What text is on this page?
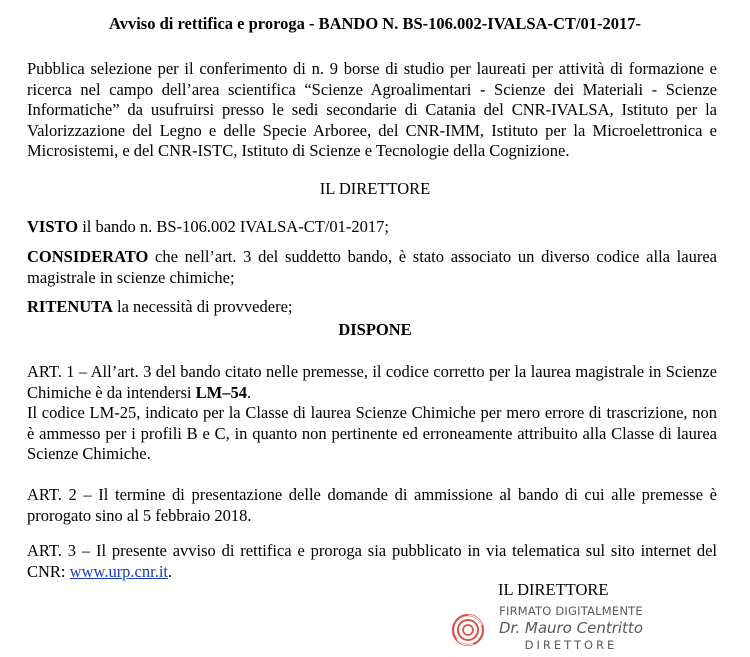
Avviso di rettifica e proroga - BANDO N. BS-106.002-IVALSA-CT/01-2017-
Pubblica selezione per il conferimento di n. 9 borse di studio per laureati per attività di formazione e ricerca nel campo dell’area scientifica “Scienze Agroalimentari - Scienze dei Materiali - Scienze Informatiche” da usufruirsi presso le sedi secondarie di Catania del CNR-IVALSA, Istituto per la Valorizzazione del Legno e delle Specie Arboree, del CNR-IMM, Istituto per la Microelettronica e Microsistemi, e del CNR-ISTC, Istituto di Scienze e Tecnologie della Cognizione.
IL DIRETTORE
VISTO il bando n. BS-106.002 IVALSA-CT/01-2017;
CONSIDERATO che nell’art. 3 del suddetto bando, è stato associato un diverso codice alla laurea magistrale in scienze chimiche;
RITENUTA la necessità di provvedere;
DISPONE
ART. 1 – All’art. 3 del bando citato nelle premesse, il codice corretto per la laurea magistrale in Scienze Chimiche è da intendersi LM–54.
Il codice LM-25, indicato per la Classe di laurea Scienze Chimiche per mero errore di trascrizione, non è ammesso per i profili B e C, in quanto non pertinente ed erroneamente attribuito alla Classe di laurea Scienze Chimiche.
ART. 2 – Il termine di presentazione delle domande di ammissione al bando di cui alle premesse è prorogato sino al 5 febbraio 2018.
ART. 3 – Il presente avviso di rettifica e proroga sia pubblicato in via telematica sul sito internet del CNR: www.urp.cnr.it.
IL DIRETTORE
FIRMATO DIGITALMENTE
Dr. Mauro Centritto
DIRETTORE
